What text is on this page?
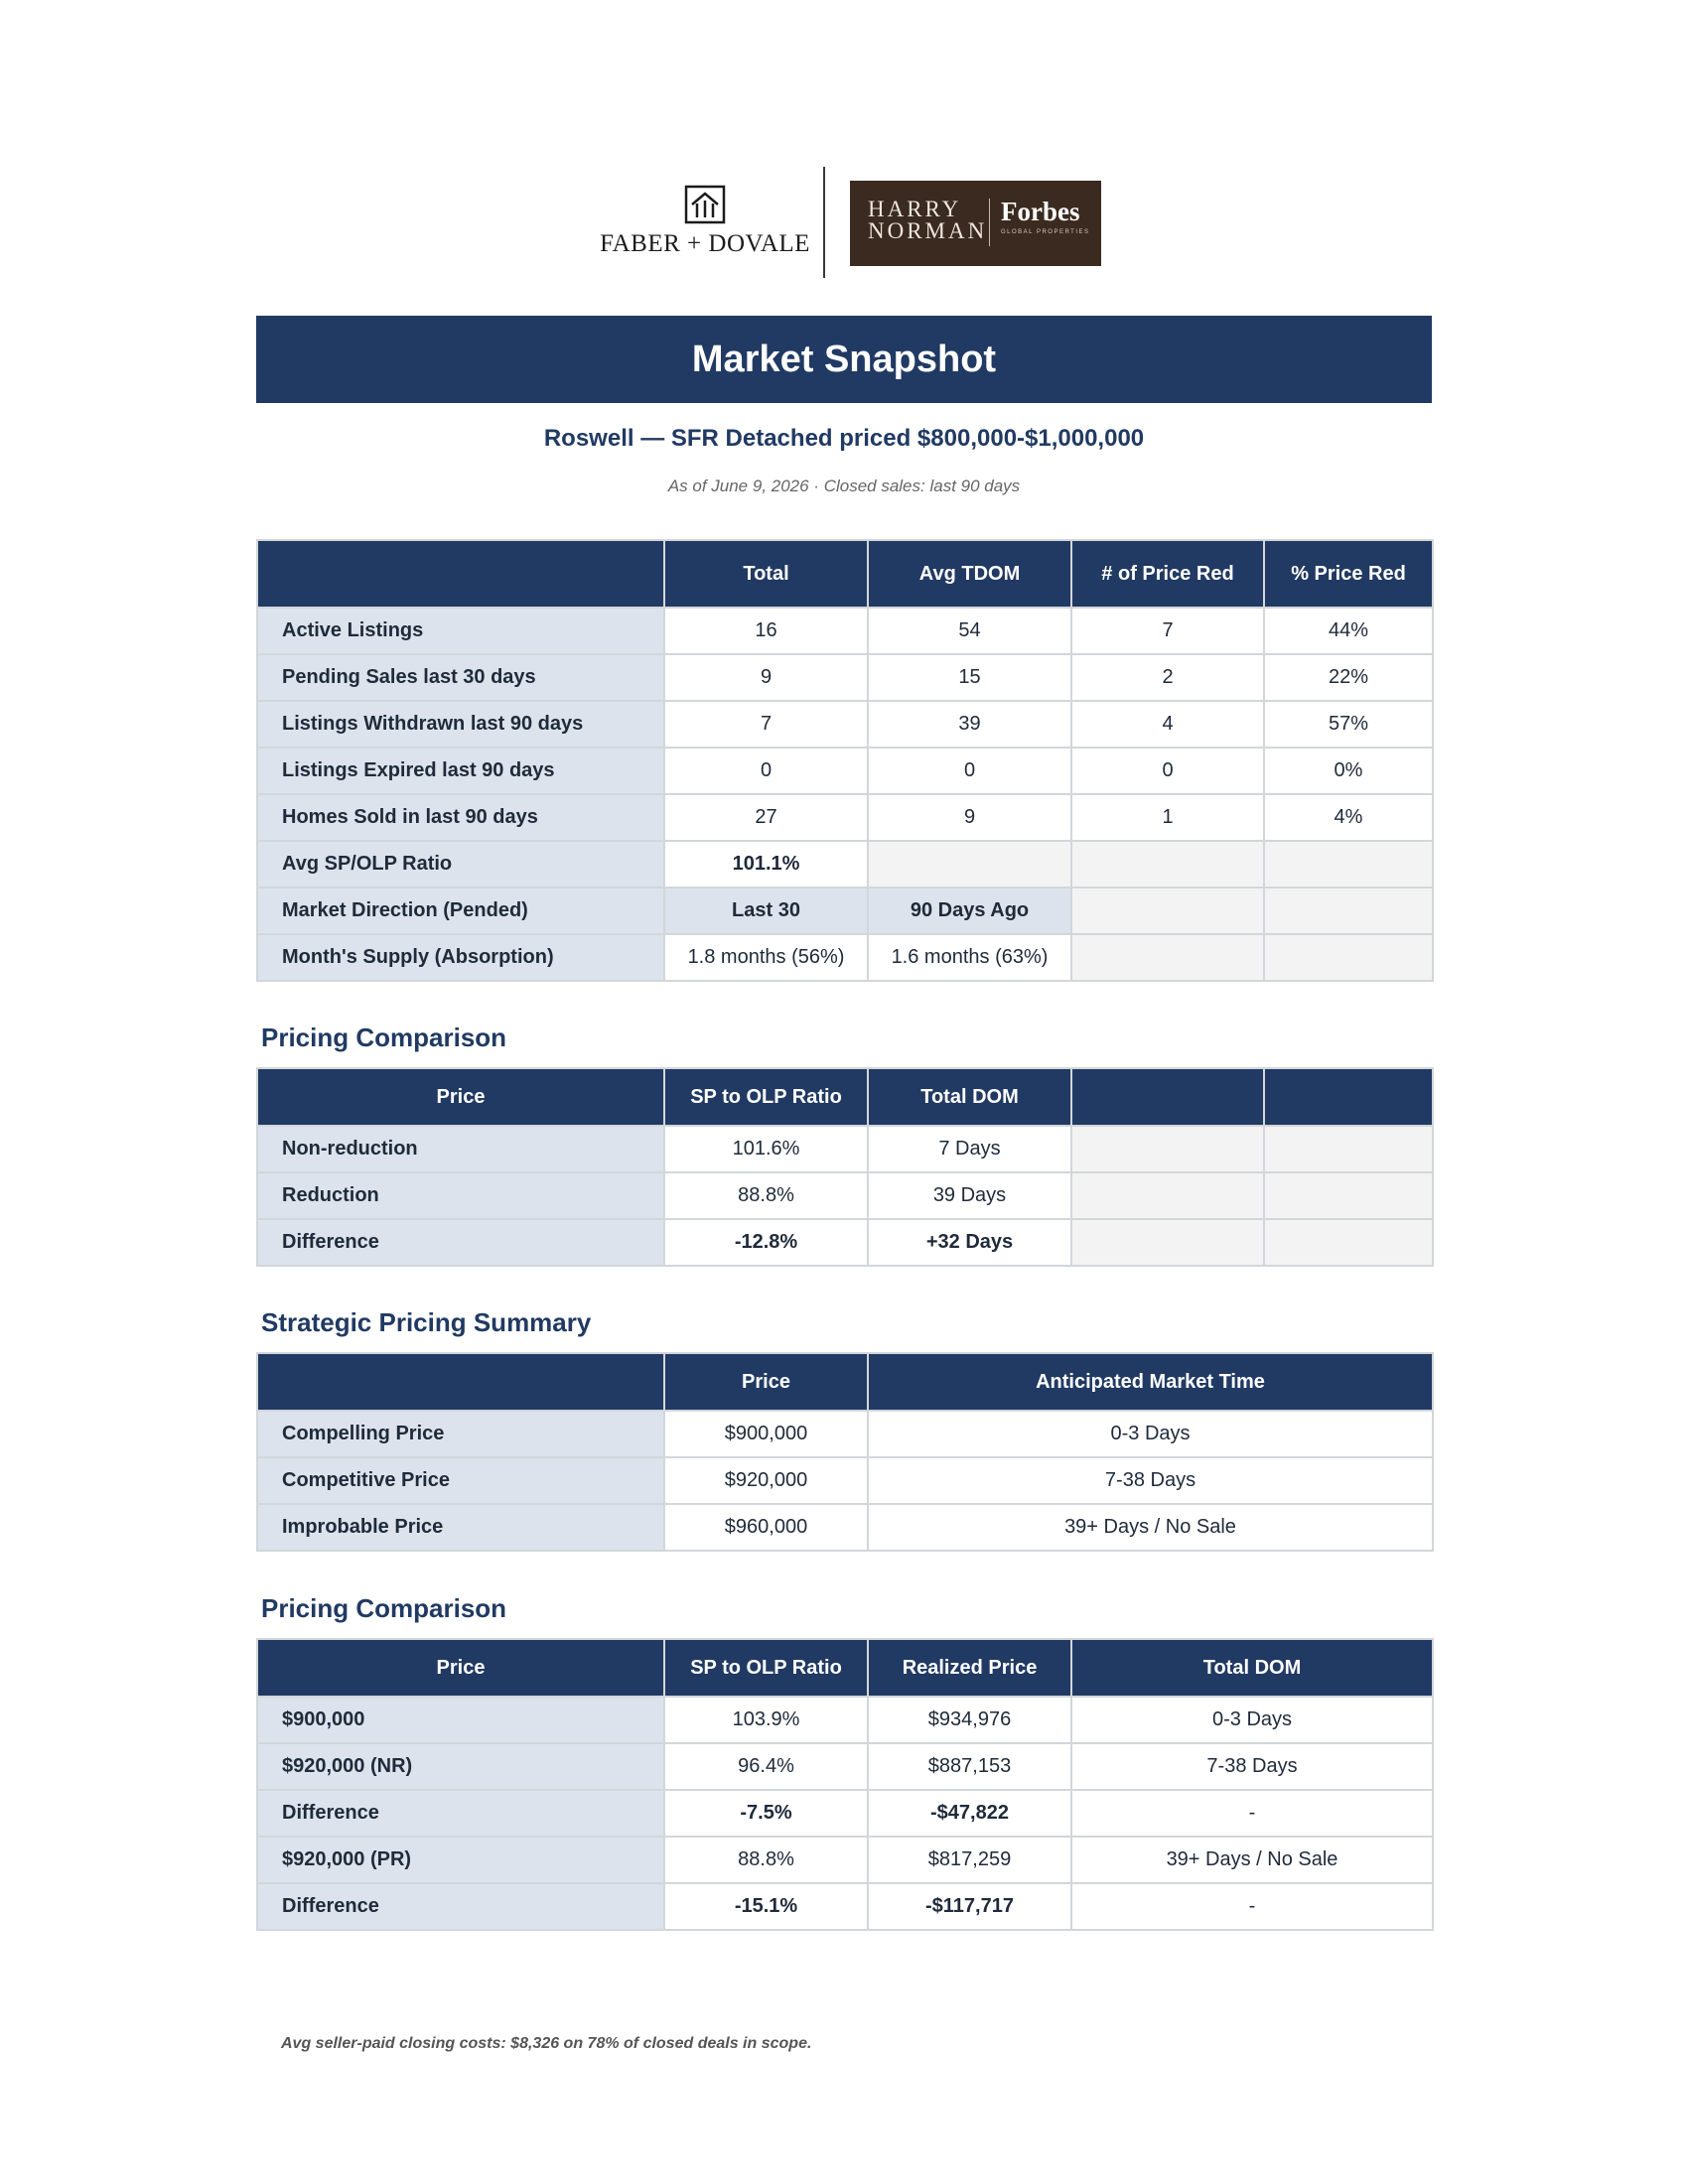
FABER + DOVALE
HARRY
NORMAN
Forbes
GLOBAL PROPERTIES
Market Snapshot
Roswell — SFR Detached priced $800,000-$1,000,000
As of June 9, 2026 · Closed sales: last 90 days
	Total	Avg TDOM	# of Price Red	% Price Red
Active Listings	16	54	7	44%
Pending Sales last 30 days	9	15	2	22%
Listings Withdrawn last 90 days	7	39	4	57%
Listings Expired last 90 days	0	0	0	0%
Homes Sold in last 90 days	27	9	1	4%
Avg SP/OLP Ratio	101.1%			
Market Direction (Pended)	Last 30	90 Days Ago		
Month's Supply (Absorption)	1.8 months (56%)	1.6 months (63%)		
Pricing Comparison
Price	SP to OLP Ratio	Total DOM		
Non-reduction	101.6%	7 Days		
Reduction	88.8%	39 Days		
Difference	-12.8%	+32 Days		
Strategic Pricing Summary
	Price	Anticipated Market Time
Compelling Price	$900,000	0-3 Days
Competitive Price	$920,000	7-38 Days
Improbable Price	$960,000	39+ Days / No Sale
Pricing Comparison
Price	SP to OLP Ratio	Realized Price	Total DOM
$900,000	103.9%	$934,976	0-3 Days
$920,000 (NR)	96.4%	$887,153	7-38 Days
Difference	-7.5%	-$47,822	-
$920,000 (PR)	88.8%	$817,259	39+ Days / No Sale
Difference	-15.1%	-$117,717	-
Avg seller-paid closing costs: $8,326 on 78% of closed deals in scope.
